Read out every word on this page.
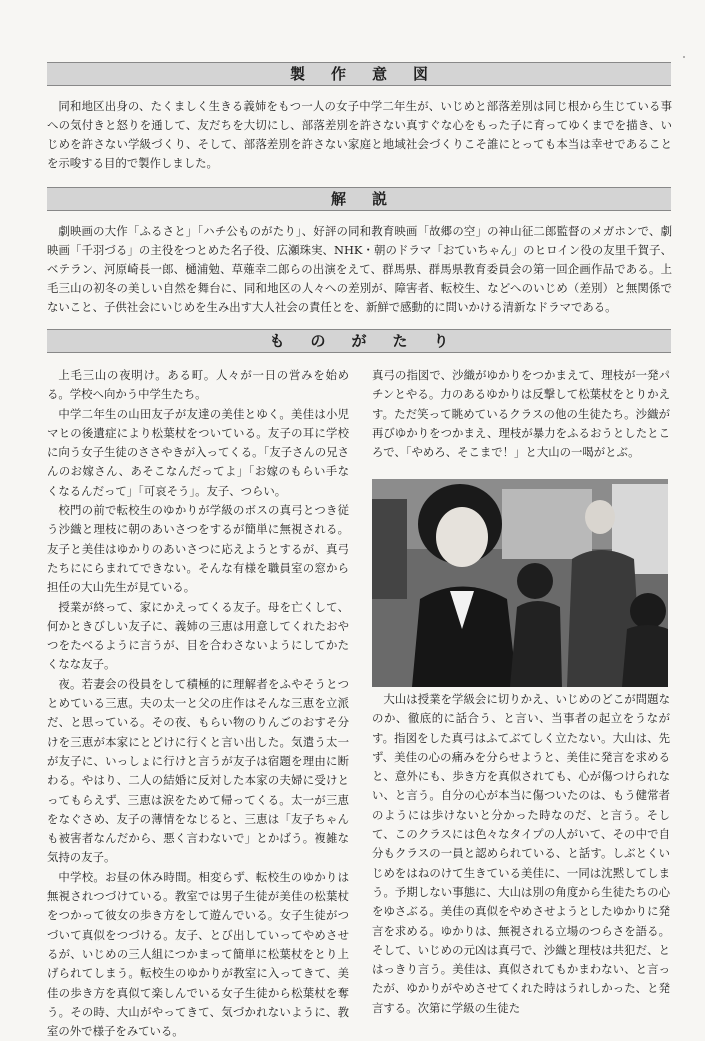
製作意図

同和地区出身の、たくましく生きる義姉をもつ一人の女子中学二年生が、いじめと部落差別は同じ根から生じている事への気付きと怒りを通して、友だちを大切にし、部落差別を許さない真すぐな心をもった子に育ってゆくまでを描き、いじめを許さない学級づくり、そして、部落差別を許さない家庭と地域社会づくりこそ誰にとっても本当は幸せであることを示唆する目的で製作しました。

解説

劇映画の大作「ふるさと」「ハチ公ものがたり」、好評の同和教育映画「故郷の空」の神山征二郎監督のメガホンで、劇映画「千羽づる」の主役をつとめた名子役、広瀬珠実、NHK・朝のドラマ「おていちゃん」のヒロイン役の友里千賀子、ベテラン、河原崎長一郎、樋浦勉、草薙幸二郎らの出演をえて、群馬県、群馬県教育委員会の第一回企画作品である。上毛三山の初冬の美しい自然を舞台に、同和地区の人々への差別が、障害者、転校生、などへのいじめ（差別）と無関係でないこと、子供社会にいじめを生み出す大人社会の責任とを、新鮮で感動的に問いかける清新なドラマである。

ものがたり

上毛三山の夜明け。ある町。人々が一日の営みを始める。学校へ向かう中学生たち。

中学二年生の山田友子が友達の美佳とゆく。美佳は小児マヒの後遺症により松葉杖をついている。友子の耳に学校に向う女子生徒のささやきが入ってくる。「友子さんの兄さんのお嫁さん、あそこなんだってよ」「お嫁のもらい手なくなるんだって」「可哀そう」。友子、つらい。

校門の前で転校生のゆかりが学級のボスの真弓とつき従う沙織と理枝に朝のあいさつをするが簡単に無視される。友子と美佳はゆかりのあいさつに応えようとするが、真弓たちににらまれてできない。そんな有様を職員室の窓から担任の大山先生が見ている。

授業が終って、家にかえってくる友子。母を亡くして、何かときびしい友子に、義姉の三恵は用意してくれたおやつをたべるように言うが、目を合わさないようにしてかたくなな友子。

夜。若妻会の役員をして積極的に理解者をふやそうとつとめている三恵。夫の太一と父の庄作はそんな三恵を立派だ、と思っている。その夜、もらい物のりんごのおすそ分けを三恵が本家にとどけに行くと言い出した。気遣う太一が友子に、いっしょに行けと言うが友子は宿題を理由に断わる。やはり、二人の結婚に反対した本家の夫婦に受けとってもらえず、三恵は涙をためて帰ってくる。太一が三恵をなぐさめ、友子の薄情をなじると、三恵は「友子ちゃんも被害者なんだから、悪く言わないで」とかばう。複雑な気持の友子。

中学校。お昼の休み時間。相変らず、転校生のゆかりは無視されつづけている。教室では男子生徒が美佳の松葉杖をつかって彼女の歩き方をして遊んでいる。女子生徒がつづいて真似をつづける。友子、とび出していってやめさせるが、いじめの三人組につかまって簡単に松葉杖をとり上げられてしまう。転校生のゆかりが教室に入ってきて、美佳の歩き方を真似て楽しんでいる女子生徒から松葉杖を奪う。その時、大山がやってきて、気づかれないように、教室の外で様子をみている。

真弓の指図で、沙織がゆかりをつかまえて、理枝が一発パチンとやる。力のあるゆかりは反撃して松葉杖をとりかえす。ただ笑って眺めているクラスの他の生徒たち。沙織が再びゆかりをつかまえ、理枝が暴力をふるおうとしたところで、「やめろ、そこまで！」と大山の一喝がとぶ。

大山は授業を学級会に切りかえ、いじめのどこが問題なのか、徹底的に話合う、と言い、当事者の起立をうながす。指図をした真弓はふてぶてしく立たない。大山は、先ず、美佳の心の痛みを分らせようと、美佳に発言を求めると、意外にも、歩き方を真似されても、心が傷つけられない、と言う。自分の心が本当に傷ついたのは、もう健常者のようには歩けないと分かった時なのだ、と言う。そして、このクラスには色々なタイプの人がいて、その中で自分もクラスの一員と認められている、と話す。しぶとくいじめをはねのけて生きている美佳に、一同は沈黙してしまう。予期しない事態に、大山は別の角度から生徒たちの心をゆさぶる。美佳の真似をやめさせようとしたゆかりに発言を求める。ゆかりは、無視される立場のつらさを語る。そして、いじめの元凶は真弓で、沙織と理枝は共犯だ、とはっきり言う。美佳は、真似されてもかまわない、と言ったが、ゆかりがやめさせてくれた時はうれしかった、と発言する。次第に学級の生徒た
